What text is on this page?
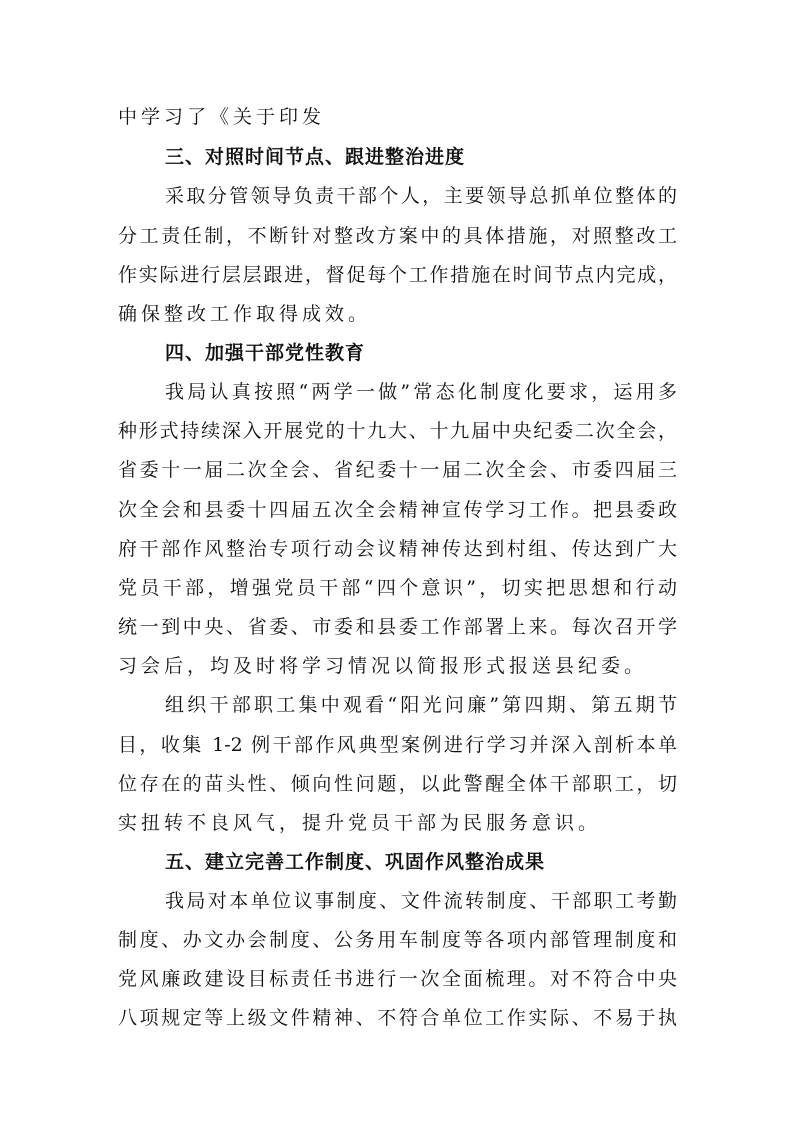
中学习了《关于印发
三、对照时间节点、跟进整治进度
采取分管领导负责干部个人，主要领导总抓单位整体的
分工责任制，不断针对整改方案中的具体措施，对照整改工
作实际进行层层跟进，督促每个工作措施在时间节点内完成，
确保整改工作取得成效。
四、加强干部党性教育
我局认真按照“两学一做”常态化制度化要求，运用多
种形式持续深入开展党的十九大、十九届中央纪委二次全会，
省委十一届二次全会、省纪委十一届二次全会、市委四届三
次全会和县委十四届五次全会精神宣传学习工作。把县委政
府干部作风整治专项行动会议精神传达到村组、传达到广大
党员干部，增强党员干部“四个意识”，切实把思想和行动
统一到中央、省委、市委和县委工作部署上来。每次召开学
习会后，均及时将学习情况以简报形式报送县纪委。
组织干部职工集中观看“阳光问廉”第四期、第五期节
目，收集 1-2 例干部作风典型案例进行学习并深入剖析本单
位存在的苗头性、倾向性问题，以此警醒全体干部职工，切
实扭转不良风气，提升党员干部为民服务意识。
五、建立完善工作制度、巩固作风整治成果
我局对本单位议事制度、文件流转制度、干部职工考勤
制度、办文办会制度、公务用车制度等各项内部管理制度和
党风廉政建设目标责任书进行一次全面梳理。对不符合中央
八项规定等上级文件精神、不符合单位工作实际、不易于执
